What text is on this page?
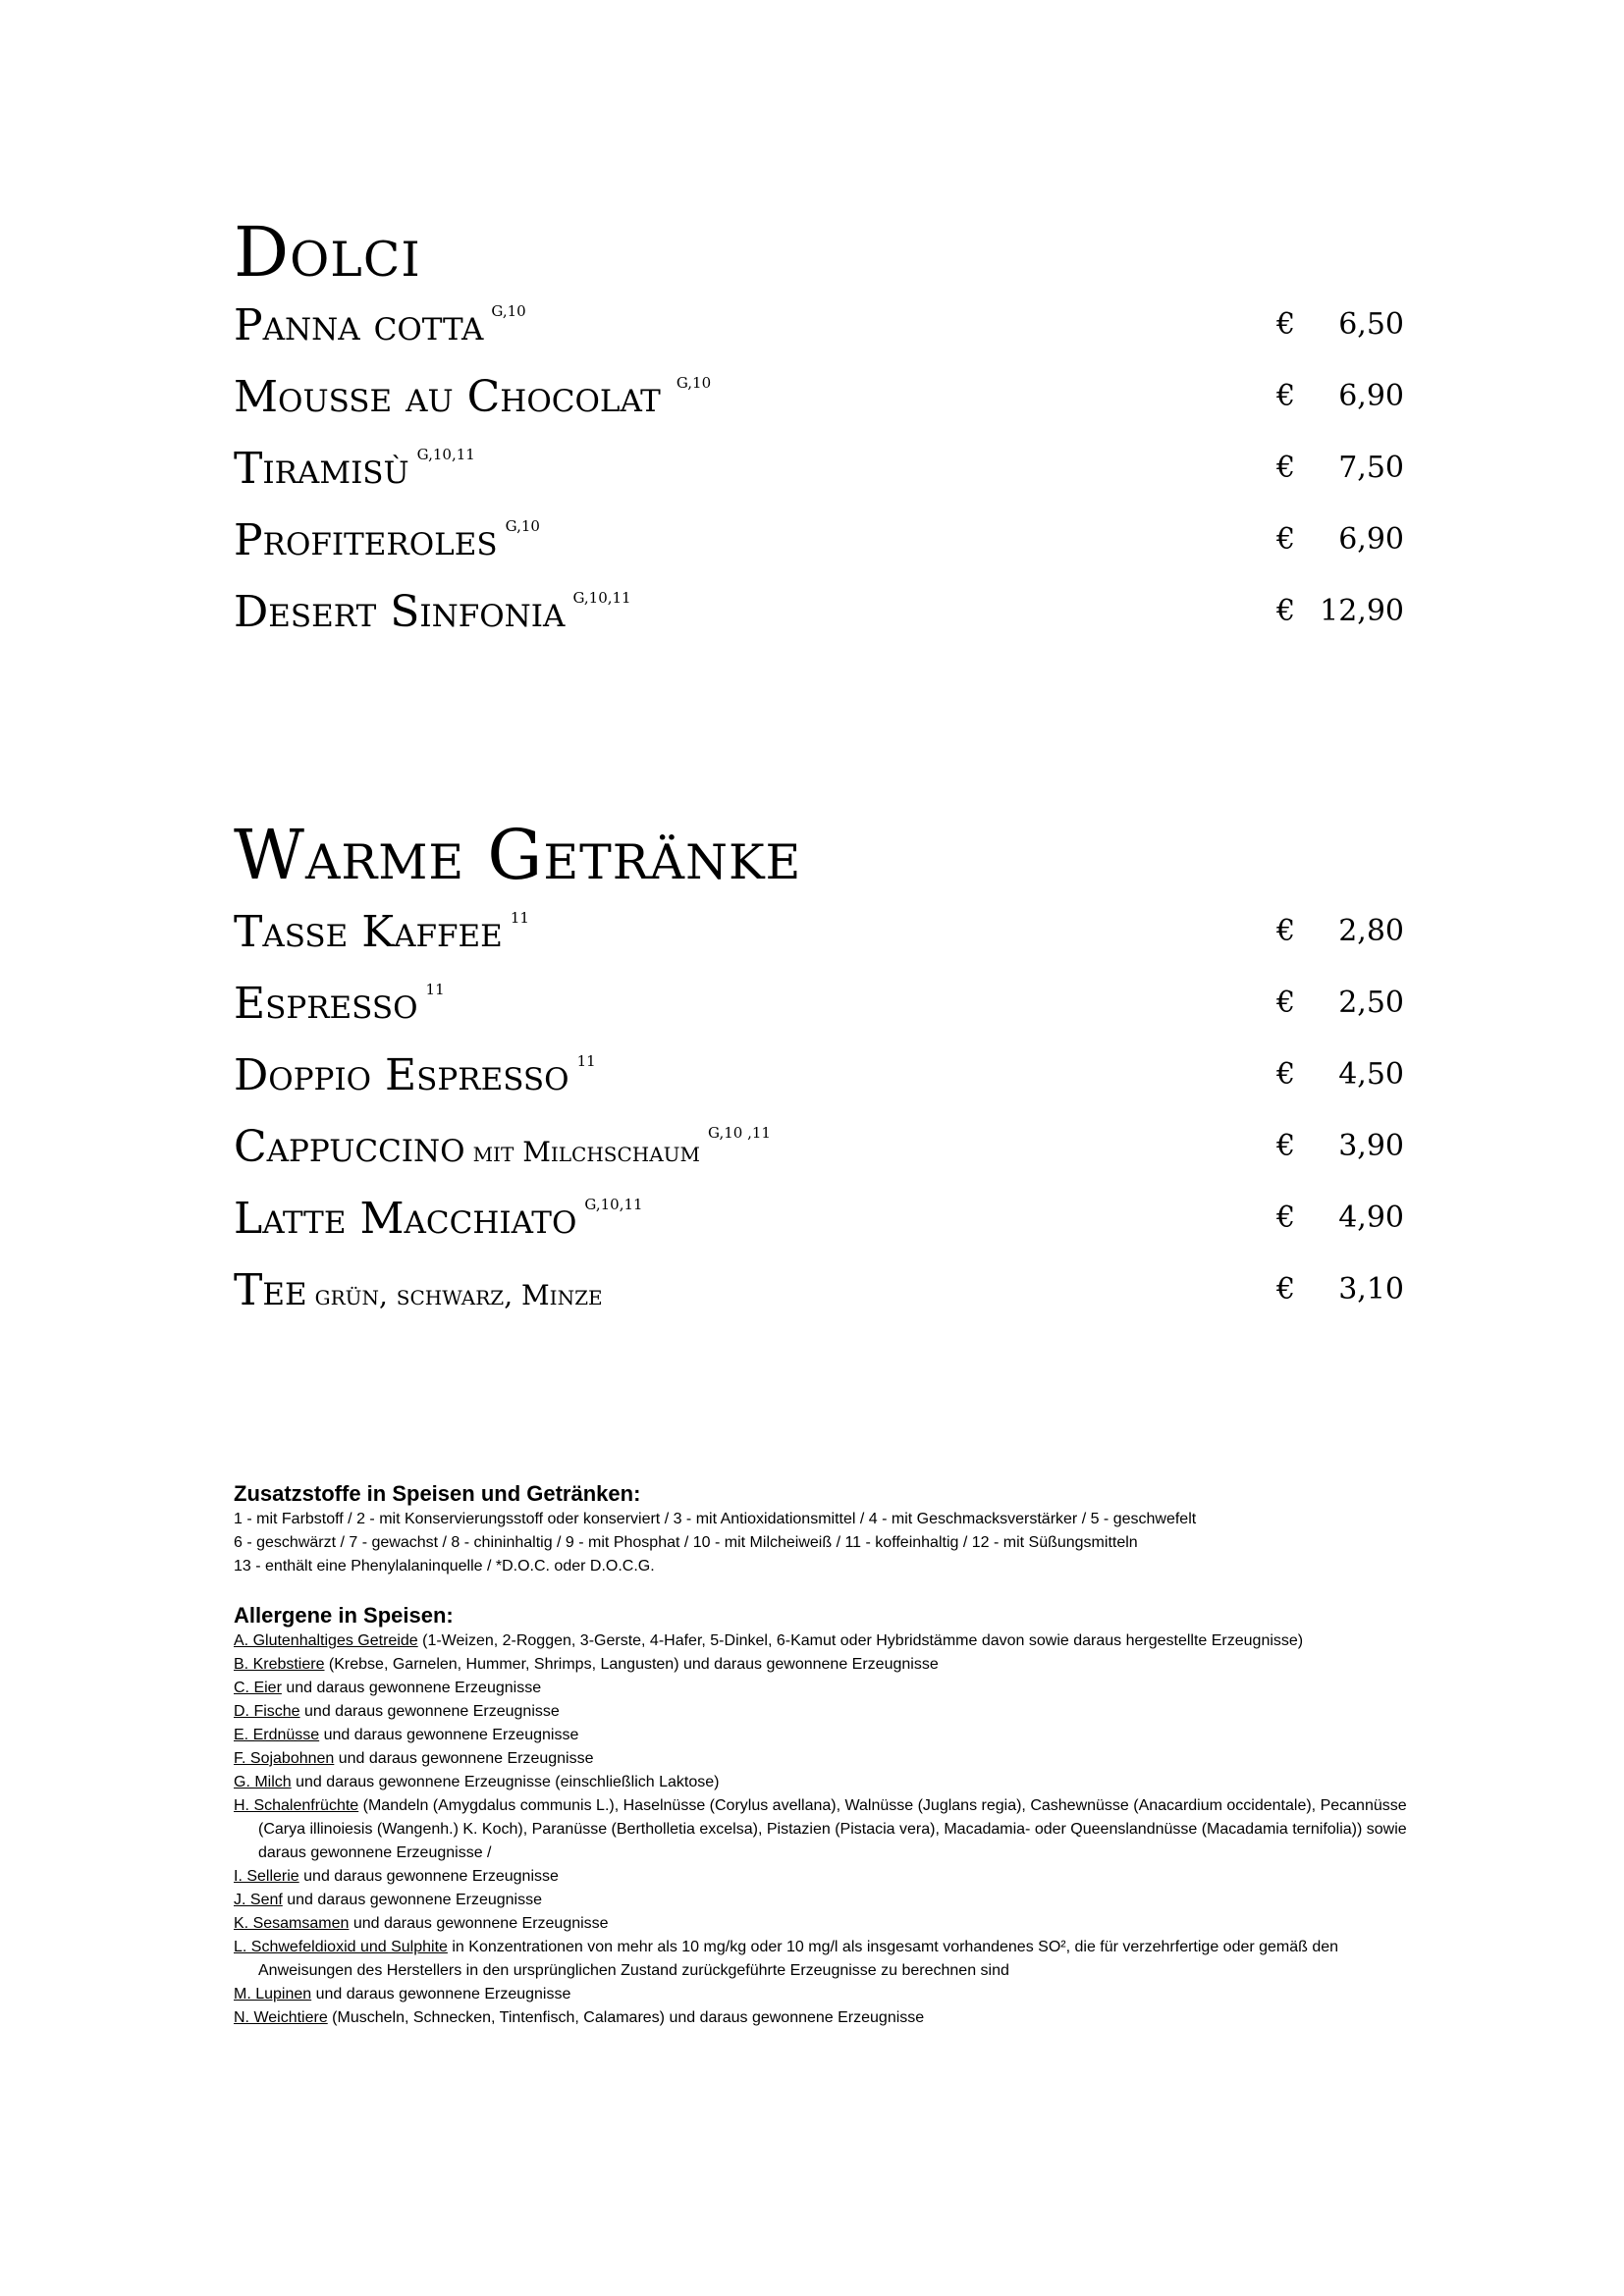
Dolci
Panna cotta $^{G,10}$	€ 6,50
Mousse au Chocolat $^{G,10}$	€ 6,90
Tiramisù $^{G,10,11}$	€ 7,50
Profiteroles $^{G,10}$	€ 6,90
Desert Sinfonia $^{G,10,11}$	€ 12,90
Warme Getränke
Tasse Kaffee $^{11}$	€ 2,80
Espresso $^{11}$	€ 2,50
Doppio Espresso $^{11}$	€ 4,50
Cappuccino mit Milchschaum$^{G,10 ,11}$	€ 3,90
Latte Macchiato $^{G,10,11}$	€ 4,90
Tee grün, schwarz, Minze	€ 3,10
Zusatzstoffe in Speisen und Getränken:

1 - mit Farbstoff / 2 - mit Konservierungsstoff oder konserviert / 3 - mit Antioxidationsmittel / 4 - mit Geschmacksverstärker / 5 - geschwefelt

6 - geschwärzt / 7 - gewachst / 8 - chininhaltig / 9 - mit Phosphat / 10 - mit Milcheiweiß / 11 - koffeinhaltig / 12 - mit Süßungsmitteln

13 - enthält eine Phenylalaninquelle / *D.O.C. oder D.O.C.G.

Allergene in Speisen:

A. Glutenhaltiges Getreide (1-Weizen, 2-Roggen, 3-Gerste, 4-Hafer, 5-Dinkel, 6-Kamut oder Hybridstämme davon sowie daraus hergestellte Erzeugnisse)

B. Krebstiere (Krebse, Garnelen, Hummer, Shrimps, Langusten) und daraus gewonnene Erzeugnisse

C. Eier und daraus gewonnene Erzeugnisse

D. Fische und daraus gewonnene Erzeugnisse

E. Erdnüsse und daraus gewonnene Erzeugnisse

F. Sojabohnen und daraus gewonnene Erzeugnisse

G. Milch und daraus gewonnene Erzeugnisse (einschließlich Laktose)

H. Schalenfrüchte (Mandeln (Amygdalus communis L.), Haselnüsse (Corylus avellana), Walnüsse (Juglans regia), Cashewnüsse (Anacardium occidentale), Pecannüsse (Carya illinoiesis (Wangenh.) K. Koch), Paranüsse (Bertholletia excelsa), Pistazien (Pistacia vera), Macadamia- oder Queenslandnüsse (Macadamia ternifolia)) sowie daraus gewonnene Erzeugnisse /

I. Sellerie und daraus gewonnene Erzeugnisse

J. Senf und daraus gewonnene Erzeugnisse

K. Sesamsamen und daraus gewonnene Erzeugnisse

L. Schwefeldioxid und Sulphite in Konzentrationen von mehr als 10 mg/kg oder 10 mg/l als insgesamt vorhandenes SO², die für verzehrfertige oder gemäß den Anweisungen des Herstellers in den ursprünglichen Zustand zurückgeführte Erzeugnisse zu berechnen sind

M. Lupinen und daraus gewonnene Erzeugnisse

N. Weichtiere (Muscheln, Schnecken, Tintenfisch, Calamares) und daraus gewonnene Erzeugnisse
